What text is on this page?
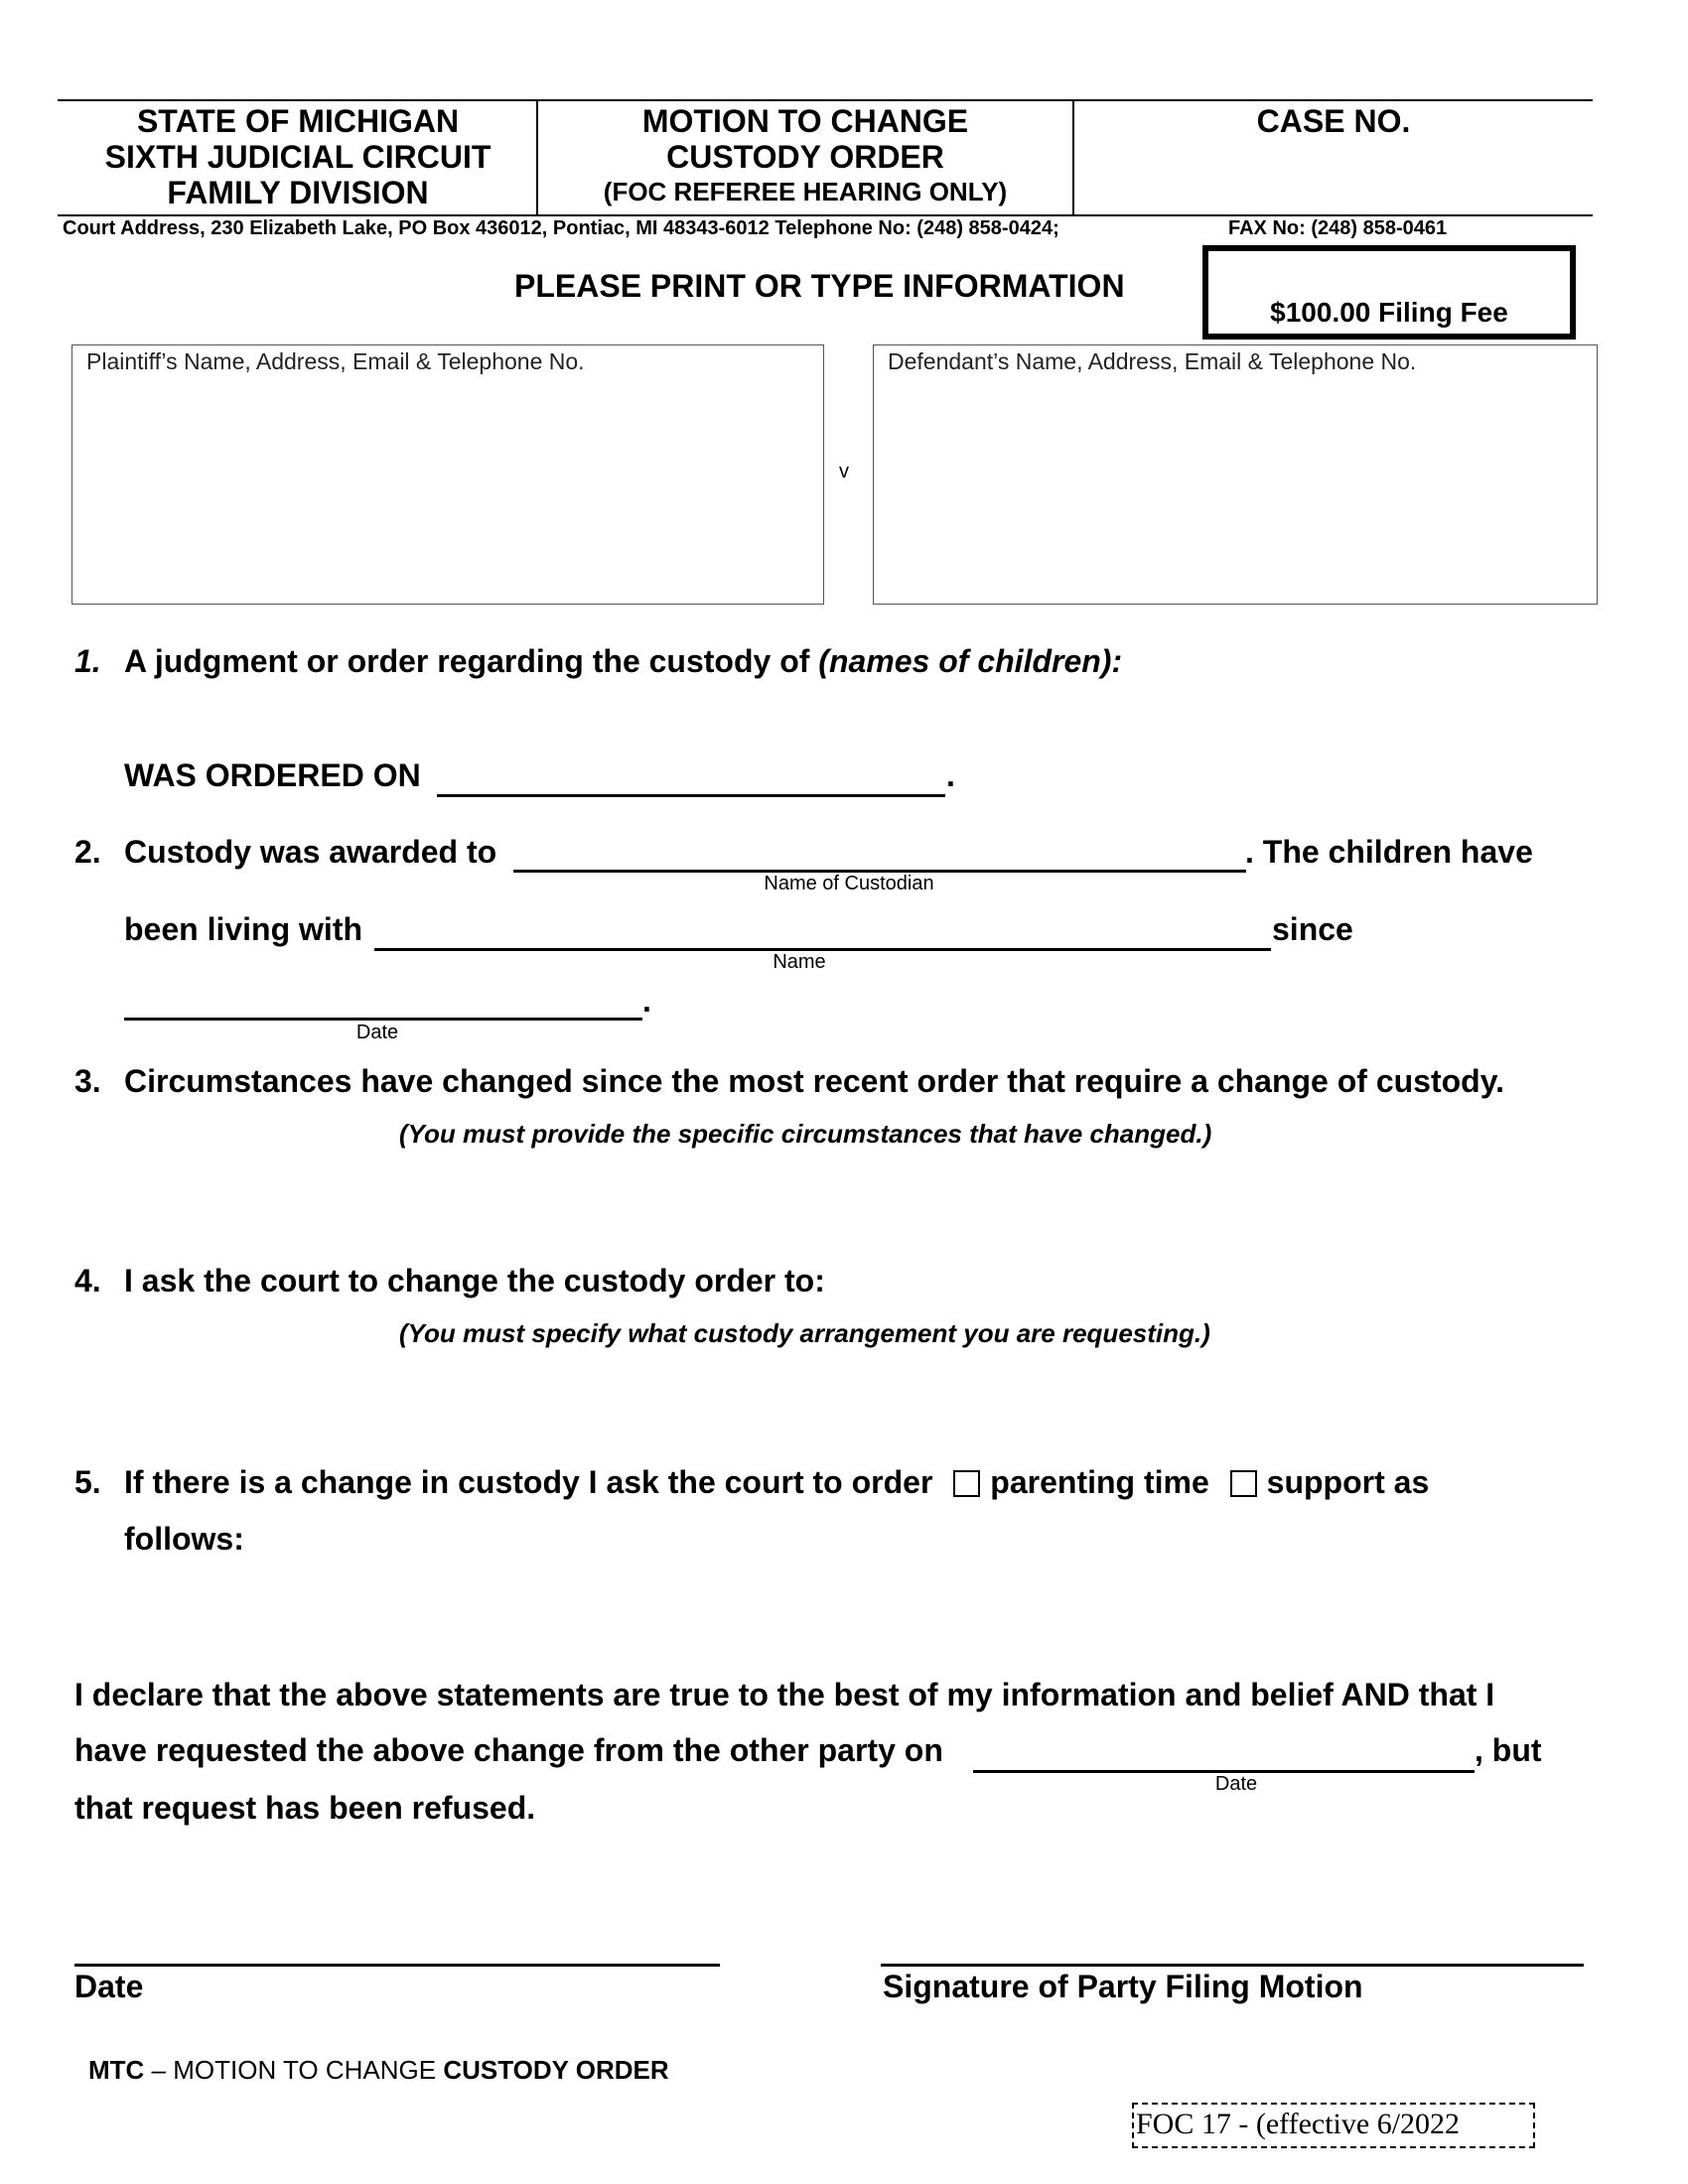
STATE OF MICHIGAN
SIXTH JUDICIAL CIRCUIT
FAMILY DIVISION
MOTION TO CHANGE
CUSTODY ORDER
(FOC REFEREE HEARING ONLY)
CASE NO.
Court Address, 230 Elizabeth Lake, PO Box 436012, Pontiac, MI 48343-6012 Telephone No: (248) 858-0424;	FAX No: (248) 858-0461
PLEASE PRINT OR TYPE INFORMATION
$100.00 Filing Fee
Plaintiff’s Name, Address, Email & Telephone No.
v
Defendant’s Name, Address, Email & Telephone No.
1. A judgment or order regarding the custody of (names of children):
WAS ORDERED ON	.
2. Custody was awarded to
Name of Custodian
. The children have
been living with
Name
since
.
Date
3. Circumstances have changed since the most recent order that require a change of custody.
(You must provide the specific circumstances that have changed.)
4. I ask the court to change the custody order to:
(You must specify what custody arrangement you are requesting.)
5. If there is a change in custody I ask the court to order parenting time support as
follows:
I declare that the above statements are true to the best of my information and belief AND that I
have requested the above change from the other party on
Date
, but
that request has been refused.
Date	Signature of Party Filing Motion
MTC – MOTION TO CHANGE CUSTODY ORDER
FOC 17 - (effective 6/2022
